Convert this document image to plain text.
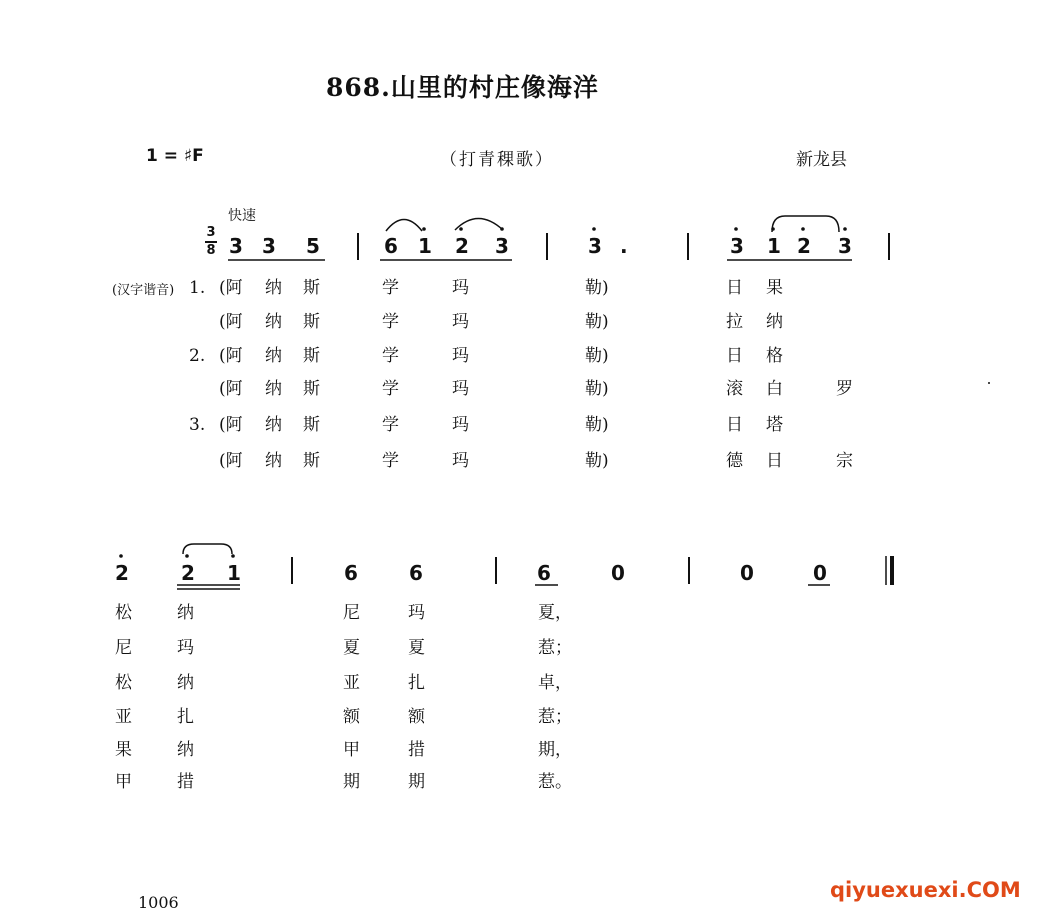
868.山里的村庄像海洋
1 = ♯F	（打青稞歌）	新龙县
快速
3
8 3 3 5	6 1 2 3	3 .	3 1 2 3
2	2 1	6	6	6	0	0	0
(阿 纳 斯	学	玛	勒)	日 果
(阿 纳 斯	学	玛	勒)	拉 纳
(阿 纳 斯	学	玛	勒)	日 格
(阿 纳 斯	学	玛	勒)	滚 白	罗
(阿 纳 斯	学	玛	勒)	日 塔
(阿 纳 斯	学	玛	勒)	德 日	宗
松	纳	尼	玛	夏，
尼	玛	夏	夏	惹；
松	纳	亚	扎	卓，
亚	扎	额	额	惹；
果	纳	甲	措	期，
甲	措	期	期	惹。
(汉字谐音) 1.
2.
3.
1006
qiyuexuexi.COM
